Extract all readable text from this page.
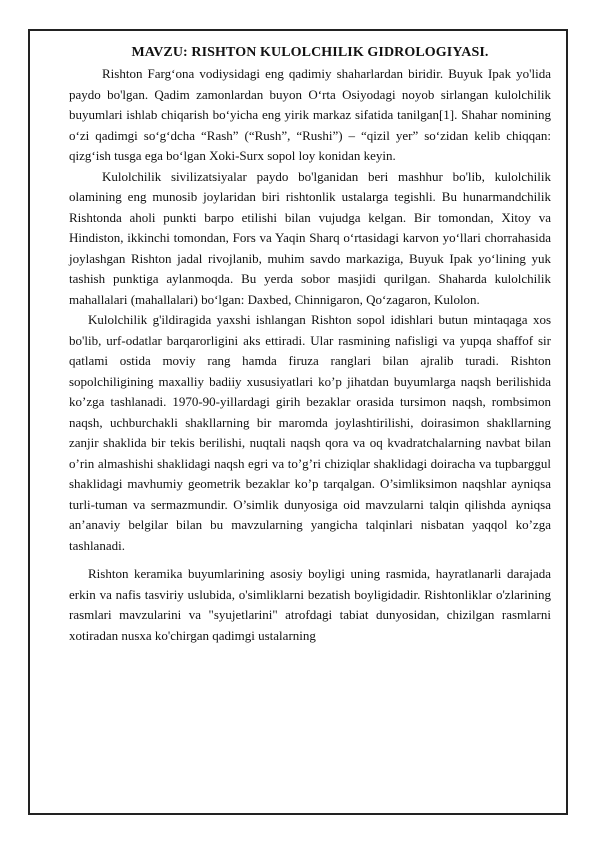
MAVZU: RISHTON KULOLCHILIK GIDROLOGIYASI.

Rishton Farg‘ona vodiysidagi eng qadimiy shaharlardan biridir. Buyuk Ipak yo'lida paydo bo'lgan. Qadim zamonlardan buyon O‘rta Osiyodagi noyob sirlangan kulolchilik buyumlari ishlab chiqarish bo‘yicha eng yirik markaz sifatida tanilgan[1]. Shahar nomining o‘zi qadimgi so‘g‘dcha “Rash” (“Rush”, “Rushi”) – “qizil yer” so‘zidan kelib chiqqan: qizg‘ish tusga ega bo‘lgan Xoki-Surx sopol loy konidan keyin.

Kulolchilik sivilizatsiyalar paydo bo'lganidan beri mashhur bo'lib, kulolchilik olamining eng munosib joylaridan biri rishtonlik ustalarga tegishli. Bu hunarmandchilik Rishtonda aholi punkti barpo etilishi bilan vujudga kelgan. Bir tomondan, Xitoy va Hindiston, ikkinchi tomondan, Fors va Yaqin Sharq o‘rtasidagi karvon yo‘llari chorrahasida joylashgan Rishton jadal rivojlanib, muhim savdo markaziga, Buyuk Ipak yo‘lining yuk tashish punktiga aylanmoqda. Bu yerda sobor masjidi qurilgan. Shaharda kulolchilik mahallalari (mahallalari) bo‘lgan: Daxbed, Chinnigaron, Qo‘zagaron, Kulolon.

Kulolchilik g'ildiragida yaxshi ishlangan Rishton sopol idishlari butun mintaqaga xos bo'lib, urf-odatlar barqarorligini aks ettiradi. Ular rasmining nafisligi va yupqa shaffof sir qatlami ostida moviy rang hamda firuza ranglari bilan ajralib turadi. Rishton sopolchiligining maxalliy badiiy xususiyatlari ko’p jihatdan buyumlarga naqsh berilishida ko’zga tashlanadi. 1970-90-yillardagi girih bezaklar orasida tursimon naqsh, rombsimon naqsh, uchburchakli shakllarning bir maromda joylashtirilishi, doirasimon shakllarning zanjir shaklida bir tekis berilishi, nuqtali naqsh qora va oq kvadratchalarning navbat bilan o’rin almashishi shaklidagi naqsh egri va to’g’ri chiziqlar shaklidagi doiracha va tupbarggul shaklidagi mavhumiy geometrik bezaklar ko’p tarqalgan. O’simliksimon naqshlar ayniqsa turli-tuman va sermazmundir. O’simlik dunyosiga oid mavzularni talqin qilishda ayniqsa an’anaviy belgilar bilan bu mavzularning yangicha talqinlari nisbatan yaqqol ko’zga tashlanadi.

Rishton keramika buyumlarining asosiy boyligi uning rasmida, hayratlanarli darajada erkin va nafis tasviriy uslubida, o'simliklarni bezatish boyligidadir. Rishtonliklar o'zlarining rasmlari mavzularini va "syujetlarini" atrofdagi tabiat dunyosidan, chizilgan rasmlarni xotiradan nusxa ko'chirgan qadimgi ustalarning
